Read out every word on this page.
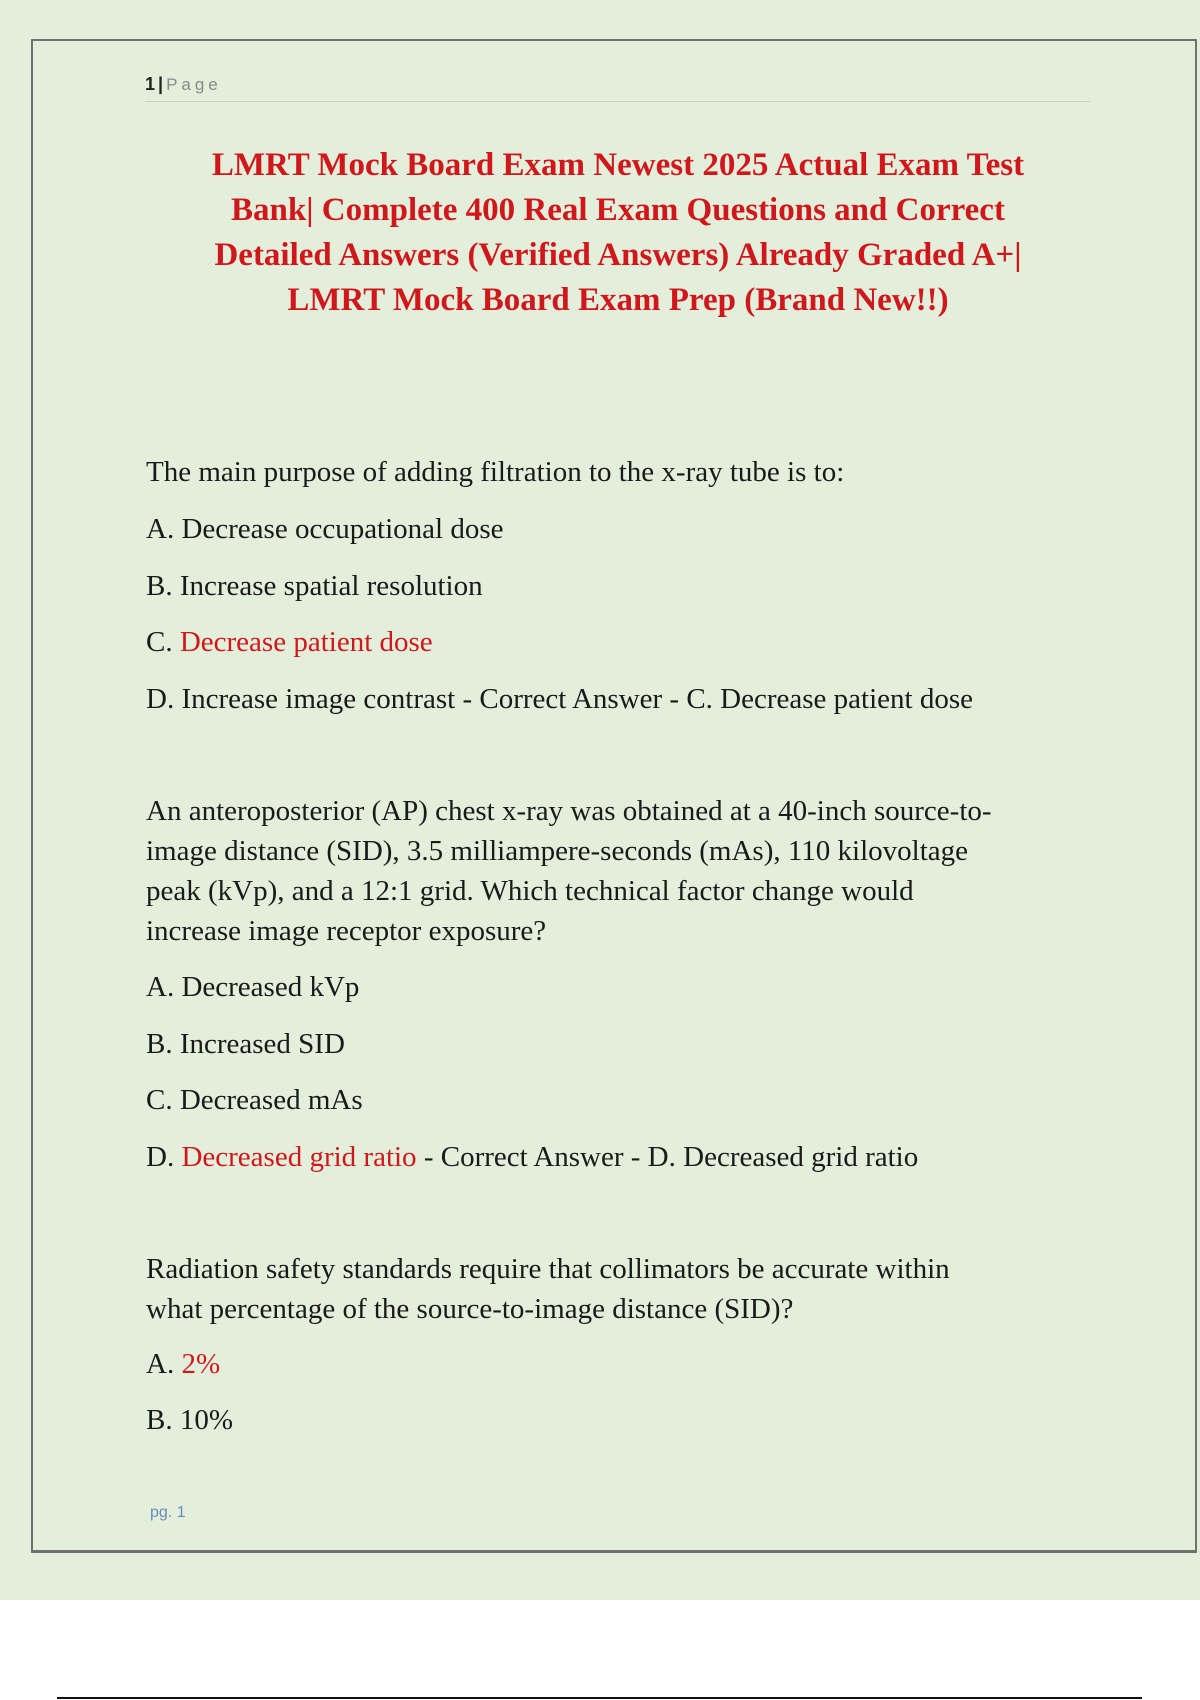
1 | Page
LMRT Mock Board Exam Newest 2025 Actual Exam Test
Bank| Complete 400 Real Exam Questions and Correct
Detailed Answers (Verified Answers) Already Graded A+|
LMRT Mock Board Exam Prep (Brand New!!)
The main purpose of adding filtration to the x-ray tube is to:
A. Decrease occupational dose
B. Increase spatial resolution
C. Decrease patient dose
D. Increase image contrast - Correct Answer - C. Decrease patient dose
An anteroposterior (AP) chest x-ray was obtained at a 40-inch source-to-
image distance (SID), 3.5 milliampere-seconds (mAs), 110 kilovoltage
peak (kVp), and a 12:1 grid. Which technical factor change would
increase image receptor exposure?
A. Decreased kVp
B. Increased SID
C. Decreased mAs
D. Decreased grid ratio - Correct Answer - D. Decreased grid ratio
Radiation safety standards require that collimators be accurate within
what percentage of the source-to-image distance (SID)?
A. 2%
B. 10%
pg. 1
